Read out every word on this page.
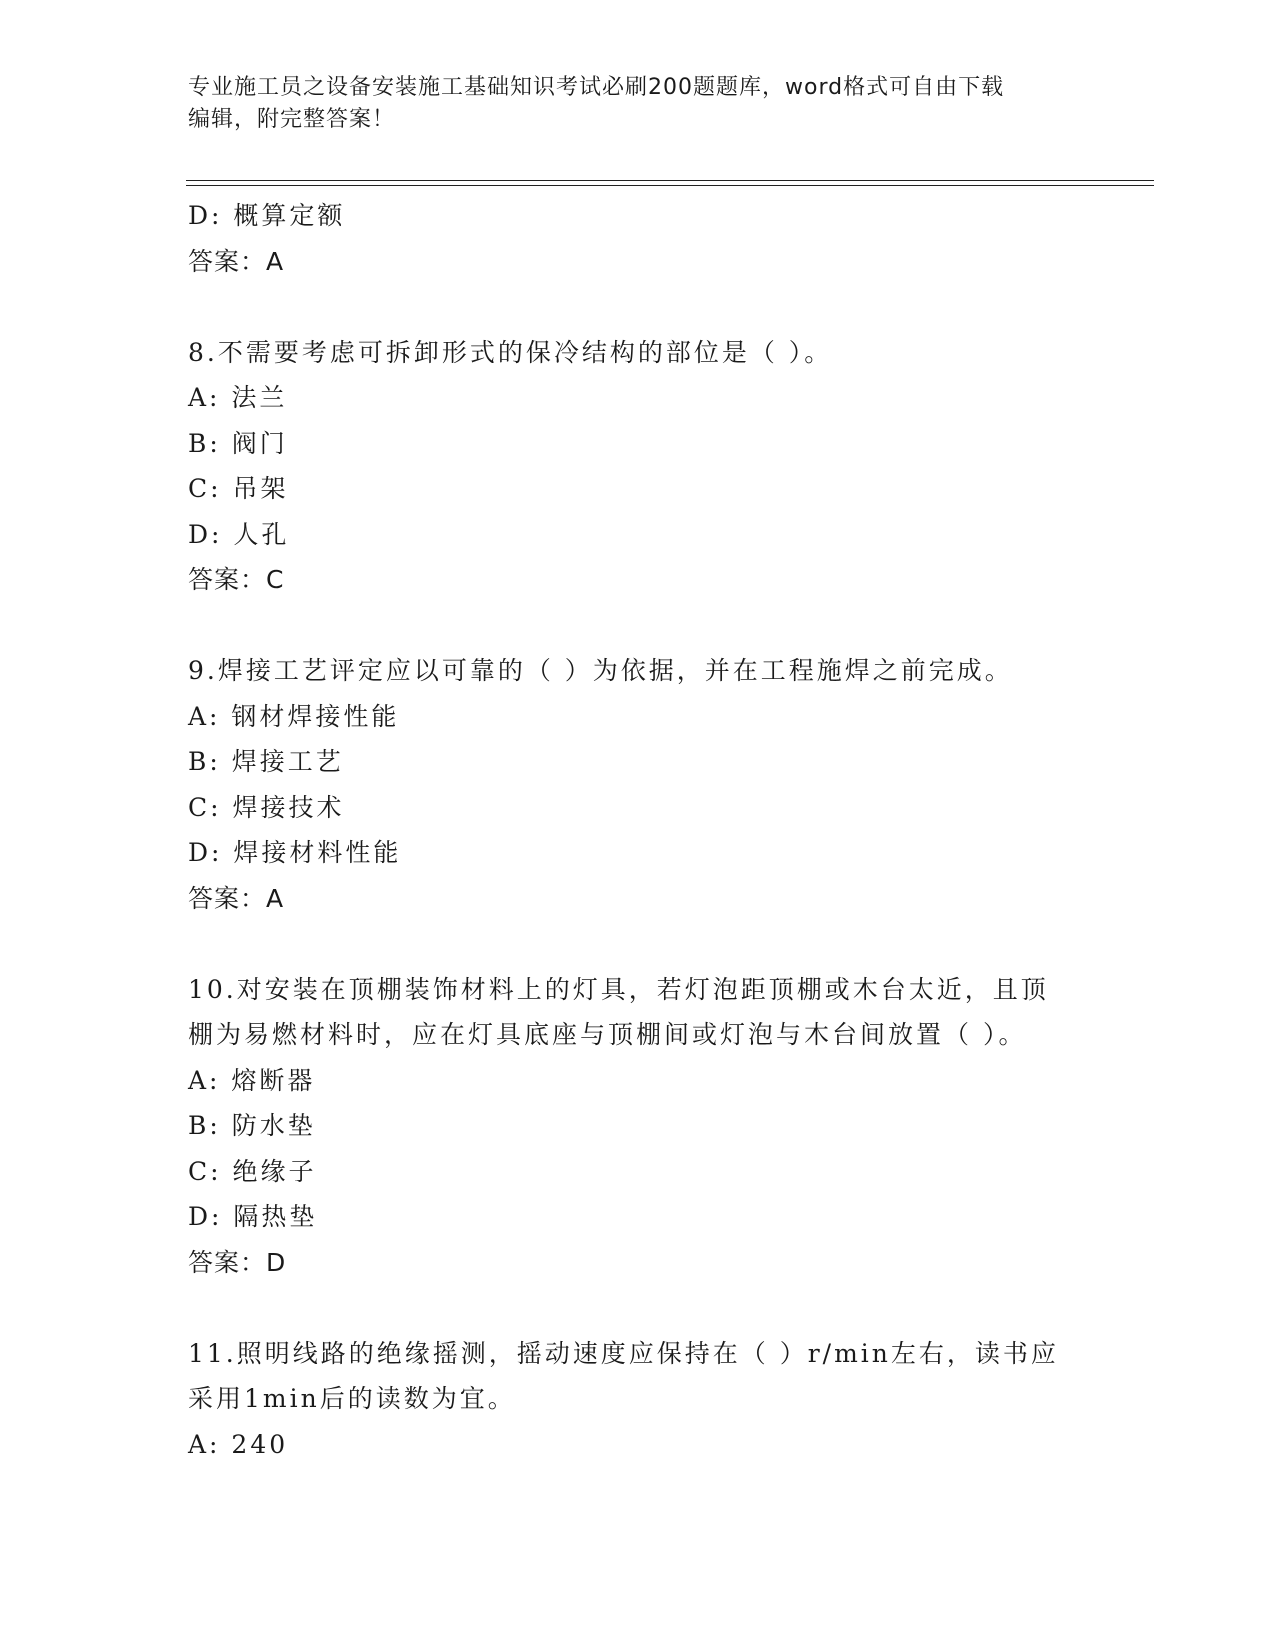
专业施工员之设备安装施工基础知识考试必刷200题题库，word格式可自由下载
编辑，附完整答案！
D: 概算定额
答案：A
8.不需要考虑可拆卸形式的保冷结构的部位是（ ）。
A: 法兰
B: 阀门
C: 吊架
D: 人孔
答案：C
9.焊接工艺评定应以可靠的（ ）为依据，并在工程施焊之前完成。
A: 钢材焊接性能
B: 焊接工艺
C: 焊接技术
D: 焊接材料性能
答案：A
10.对安装在顶棚装饰材料上的灯具，若灯泡距顶棚或木台太近，且顶
棚为易燃材料时，应在灯具底座与顶棚间或灯泡与木台间放置（ ）。
A: 熔断器
B: 防水垫
C: 绝缘子
D: 隔热垫
答案：D
11.照明线路的绝缘摇测，摇动速度应保持在（ ）r/min左右，读书应
采用1min后的读数为宜。
A: 240
